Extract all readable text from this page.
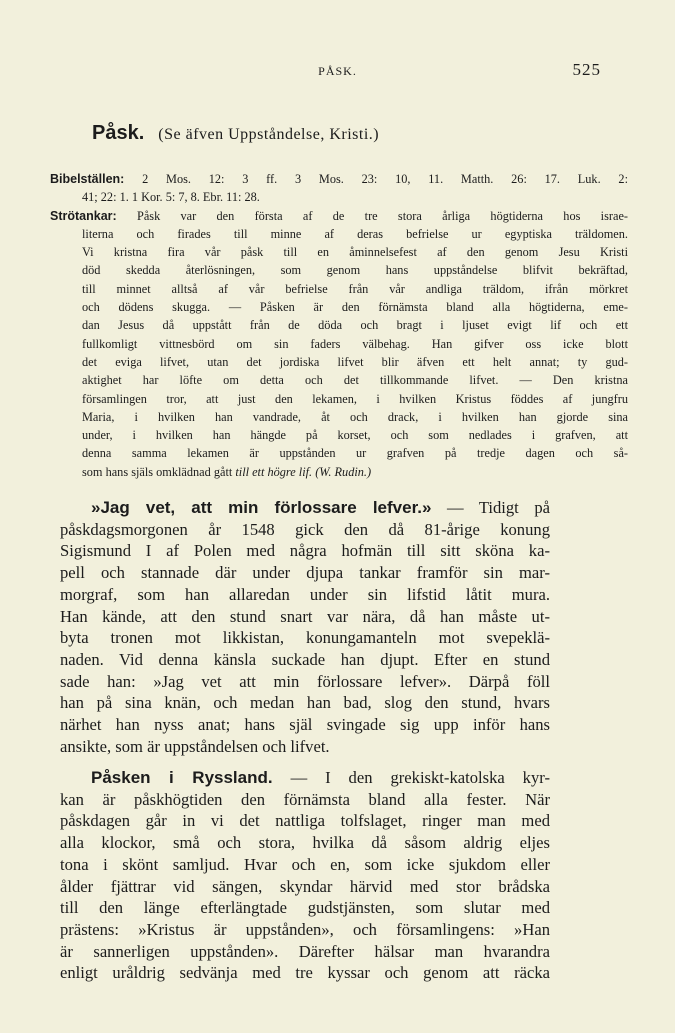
PÅSK.	525
Påsk. (Se äfven Uppståndelse, Kristi.)
Bibelställen: 2 Mos. 12: 3 ff. 3 Mos. 23: 10, 11. Matth. 26: 17. Luk. 2:
41; 22: 1. 1 Kor. 5: 7, 8. Ebr. 11: 28.
Strötankar: Påsk var den första af de tre stora årliga högtiderna hos israe-
literna och firades till minne af deras befrielse ur egyptiska träldomen.
Vi kristna fira vår påsk till en åminnelsefest af den genom Jesu Kristi
död skedda återlösningen, som genom hans uppståndelse blifvit bekräftad,
till minnet alltså af vår befrielse från vår andliga träldom, ifrån mörkret
och dödens skugga. — Påsken är den förnämsta bland alla högtiderna, eme-
dan Jesus då uppstått från de döda och bragt i ljuset evigt lif och ett
fullkomligt vittnesbörd om sin faders välbehag. Han gifver oss icke blott
det eviga lifvet, utan det jordiska lifvet blir äfven ett helt annat; ty gud-
aktighet har löfte om detta och det tillkommande lifvet. — Den kristna
församlingen tror, att just den lekamen, i hvilken Kristus föddes af jungfru
Maria, i hvilken han vandrade, åt och drack, i hvilken han gjorde sina
under, i hvilken han hängde på korset, och som nedlades i grafven, att
denna samma lekamen är uppstånden ur grafven på tredje dagen och så-
som hans själs omklädnad gått till ett högre lif. (W. Rudin.)
»Jag vet, att min förlossare lefver.» — Tidigt på
påskdagsmorgonen år 1548 gick den då 81-årige konung
Sigismund I af Polen med några hofmän till sitt sköna ka-
pell och stannade där under djupa tankar framför sin mar-
morgraf, som han allaredan under sin lifstid låtit mura.
Han kände, att den stund snart var nära, då han måste ut-
byta tronen mot likkistan, konungamanteln mot svepeklä-
naden. Vid denna känsla suckade han djupt. Efter en stund
sade han: »Jag vet att min förlossare lefver». Därpå föll
han på sina knän, och medan han bad, slog den stund, hvars
närhet han nyss anat; hans själ svingade sig upp inför hans
ansikte, som är uppståndelsen och lifvet.
Påsken i Ryssland. — I den grekiskt-katolska kyr-
kan är påskhögtiden den förnämsta bland alla fester. När
påskdagen går in vi det nattliga tolfslaget, ringer man med
alla klockor, små och stora, hvilka då såsom aldrig eljes
tona i skönt samljud. Hvar och en, som icke sjukdom eller
ålder fjättrar vid sängen, skyndar härvid med stor brådska
till den länge efterlängtade gudstjänsten, som slutar med
prästens: »Kristus är uppstånden», och församlingens: »Han
är sannerligen uppstånden». Därefter hälsar man hvarandra
enligt uråldrig sedvänja med tre kyssar och genom att räcka
